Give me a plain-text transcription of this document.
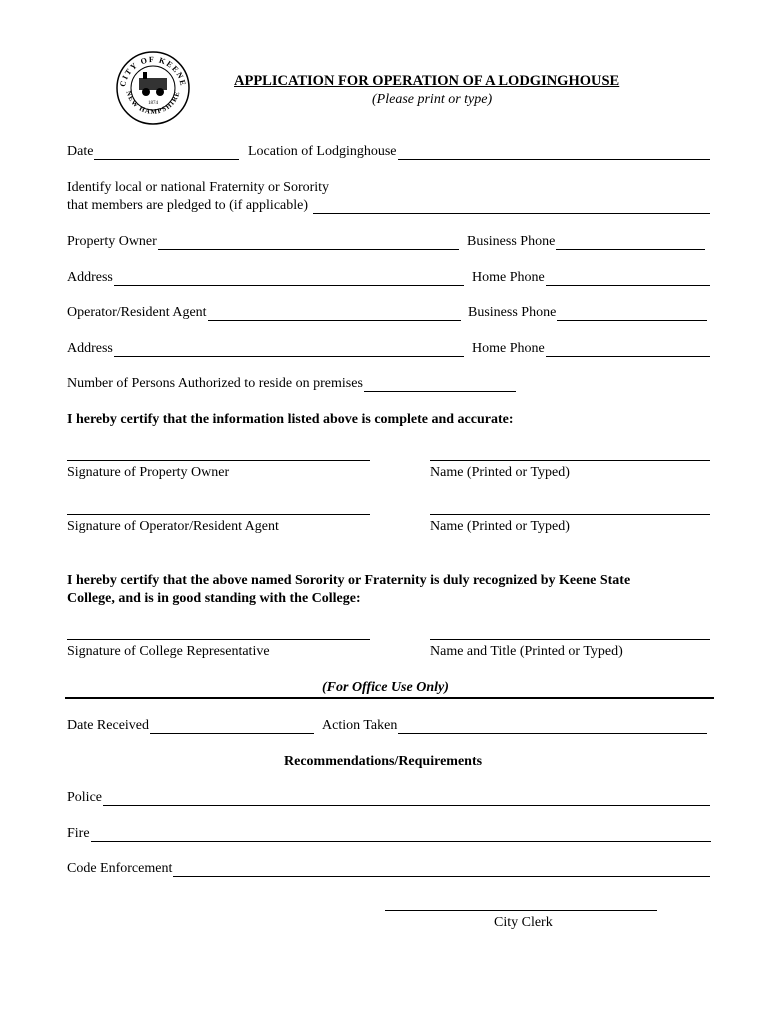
CITY OF KEENE
NEW HAMPSHIRE
1874
APPLICATION FOR OPERATION OF A LODGINGHOUSE
(Please print or type)
Date	Location of Lodginghouse
Identify local or national Fraternity or Sorority
that members are pledged to (if applicable)
Property Owner	Business Phone
Address	Home Phone
Operator/Resident Agent	Business Phone
Address	Home Phone
Number of Persons Authorized to reside on premises
I hereby certify that the information listed above is complete and accurate:
Signature of Property Owner	Name (Printed or Typed)
Signature of Operator/Resident Agent	Name (Printed or Typed)
I hereby certify that the above named Sorority or Fraternity is duly recognized by Keene State
College, and is in good standing with the College:
Signature of College Representative	Name and Title (Printed or Typed)
(For Office Use Only)
Date Received	Action Taken
Recommendations/Requirements
Police
Fire
Code Enforcement
City Clerk
